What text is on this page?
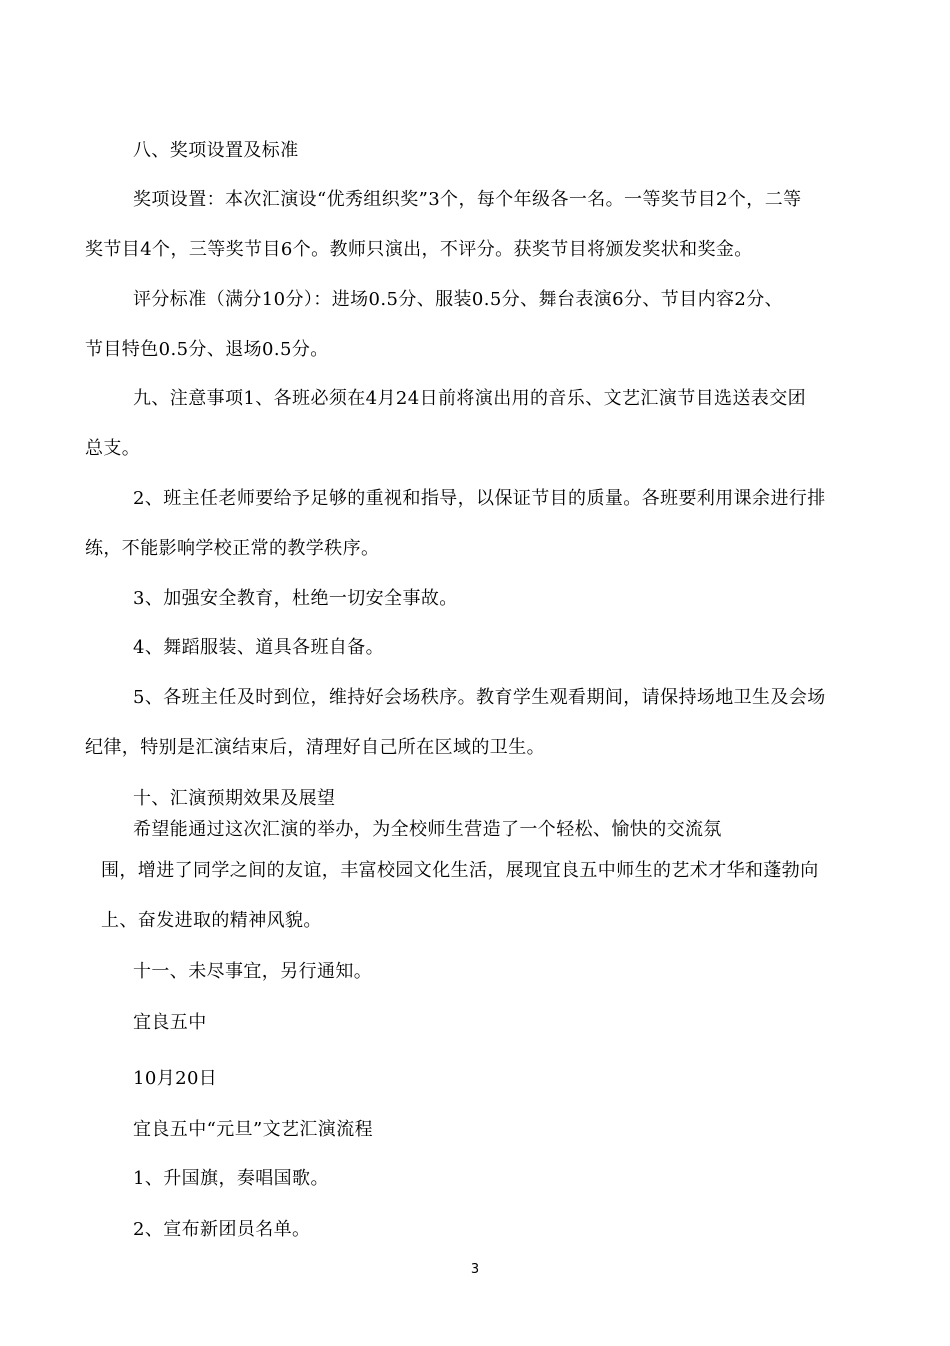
八、奖项设置及标准
奖项设置：本次汇演设“优秀组织奖”3个，每个年级各一名。一等奖节目2个，二等
奖节目4个，三等奖节目6个。教师只演出，不评分。获奖节目将颁发奖状和奖金。
评分标准（满分10分）：进场0.5分、服装0.5分、舞台表演6分、节目内容2分、
节目特色0.5分、退场0.5分。
九、注意事项1、各班必须在4月24日前将演出用的音乐、文艺汇演节目选送表交团
总支。
2、班主任老师要给予足够的重视和指导，以保证节目的质量。各班要利用课余进行排
练，不能影响学校正常的教学秩序。
3、加强安全教育，杜绝一切安全事故。
4、舞蹈服装、道具各班自备。
5、各班主任及时到位，维持好会场秩序。教育学生观看期间，请保持场地卫生及会场
纪律，特别是汇演结束后，清理好自己所在区域的卫生。
十、汇演预期效果及展望
希望能通过这次汇演的举办，为全校师生营造了一个轻松、愉快的交流氛
围，增进了同学之间的友谊，丰富校园文化生活，展现宜良五中师生的艺术才华和蓬勃向
上、奋发进取的精神风貌。
十一、未尽事宜，另行通知。
宜良五中
10月20日
宜良五中“元旦”文艺汇演流程
1、升国旗，奏唱国歌。
2、宣布新团员名单。
3
